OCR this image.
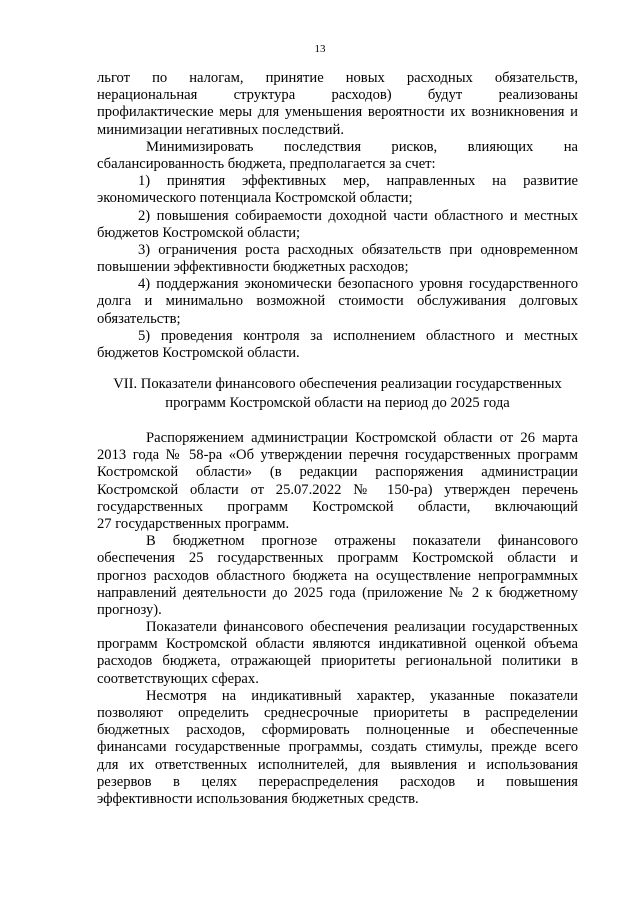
13
льгот по налогам, принятие новых расходных обязательств,
нерациональная структура расходов) будут реализованы
профилактические меры для уменьшения вероятности их возникновения и
минимизации негативных последствий.
Минимизировать последствия рисков, влияющих на
сбалансированность бюджета, предполагается за счет:
1) принятия эффективных мер, направленных на развитие
экономического потенциала Костромской области;
2) повышения собираемости доходной части областного и местных
бюджетов Костромской области;
3) ограничения роста расходных обязательств при одновременном
повышении эффективности бюджетных расходов;
4) поддержания экономически безопасного уровня государственного
долга и минимально возможной стоимости обслуживания долговых
обязательств;
5) проведения контроля за исполнением областного и местных
бюджетов Костромской области.
VII. Показатели финансового обеспечения реализации государственных
программ Костромской области на период до 2025 года
Распоряжением администрации Костромской области от 26 марта
2013 года № 58-ра «Об утверждении перечня государственных программ
Костромской области» (в редакции распоряжения администрации
Костромской области от 25.07.2022 № 150-ра) утвержден перечень
государственных программ Костромской области, включающий
27 государственных программ.
В бюджетном прогнозе отражены показатели финансового
обеспечения 25 государственных программ Костромской области и
прогноз расходов областного бюджета на осуществление непрограммных
направлений деятельности до 2025 года (приложение № 2 к бюджетному
прогнозу).
Показатели финансового обеспечения реализации государственных
программ Костромской области являются индикативной оценкой объема
расходов бюджета, отражающей приоритеты региональной политики в
соответствующих сферах.
Несмотря на индикативный характер, указанные показатели
позволяют определить среднесрочные приоритеты в распределении
бюджетных расходов, сформировать полноценные и обеспеченные
финансами государственные программы, создать стимулы, прежде всего
для их ответственных исполнителей, для выявления и использования
резервов в целях перераспределения расходов и повышения
эффективности использования бюджетных средств.
